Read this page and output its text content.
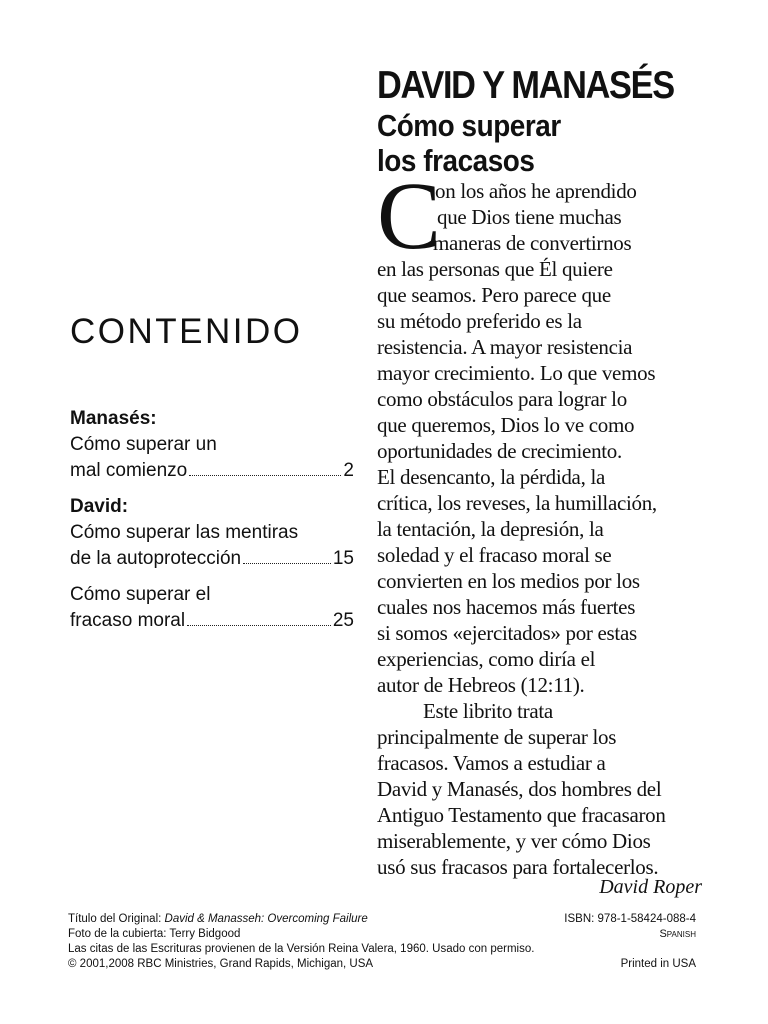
DAVID Y MANASÉS
Cómo superar
los fracasos
C
on los años he aprendido
que Dios tiene muchas
maneras de convertirnos
en las personas que Él quiere
que seamos. Pero parece que
su método preferido es la
resistencia. A mayor resistencia
mayor crecimiento. Lo que vemos
como obstáculos para lograr lo
que queremos, Dios lo ve como
oportunidades de crecimiento.
El desencanto, la pérdida, la
crítica, los reveses, la humillación,
la tentación, la depresión, la
soledad y el fracaso moral se
convierten en los medios por los
cuales nos hacemos más fuertes
si somos «ejercitados» por estas
experiencias, como diría el
autor de Hebreos (12:11).
Este librito trata
principalmente de superar los
fracasos. Vamos a estudiar a
David y Manasés, dos hombres del
Antiguo Testamento que fracasaron
miserablemente, y ver cómo Dios
usó sus fracasos para fortalecerlos.
David Roper
CONTENIDO
Manasés:
Cómo superar un
mal comienzo	2
David:
Cómo superar las mentiras
de la autoprotección	15
Cómo superar el
fracaso moral	25
Título del Original: David & Manasseh: Overcoming Failure	ISBN: 978-1-58424-088-4
Foto de la cubierta: Terry Bidgood	Spanish
Las citas de las Escrituras provienen de la Versión Reina Valera, 1960. Usado con permiso.
© 2001,2008 RBC Ministries, Grand Rapids, Michigan, USA	Printed in USA
